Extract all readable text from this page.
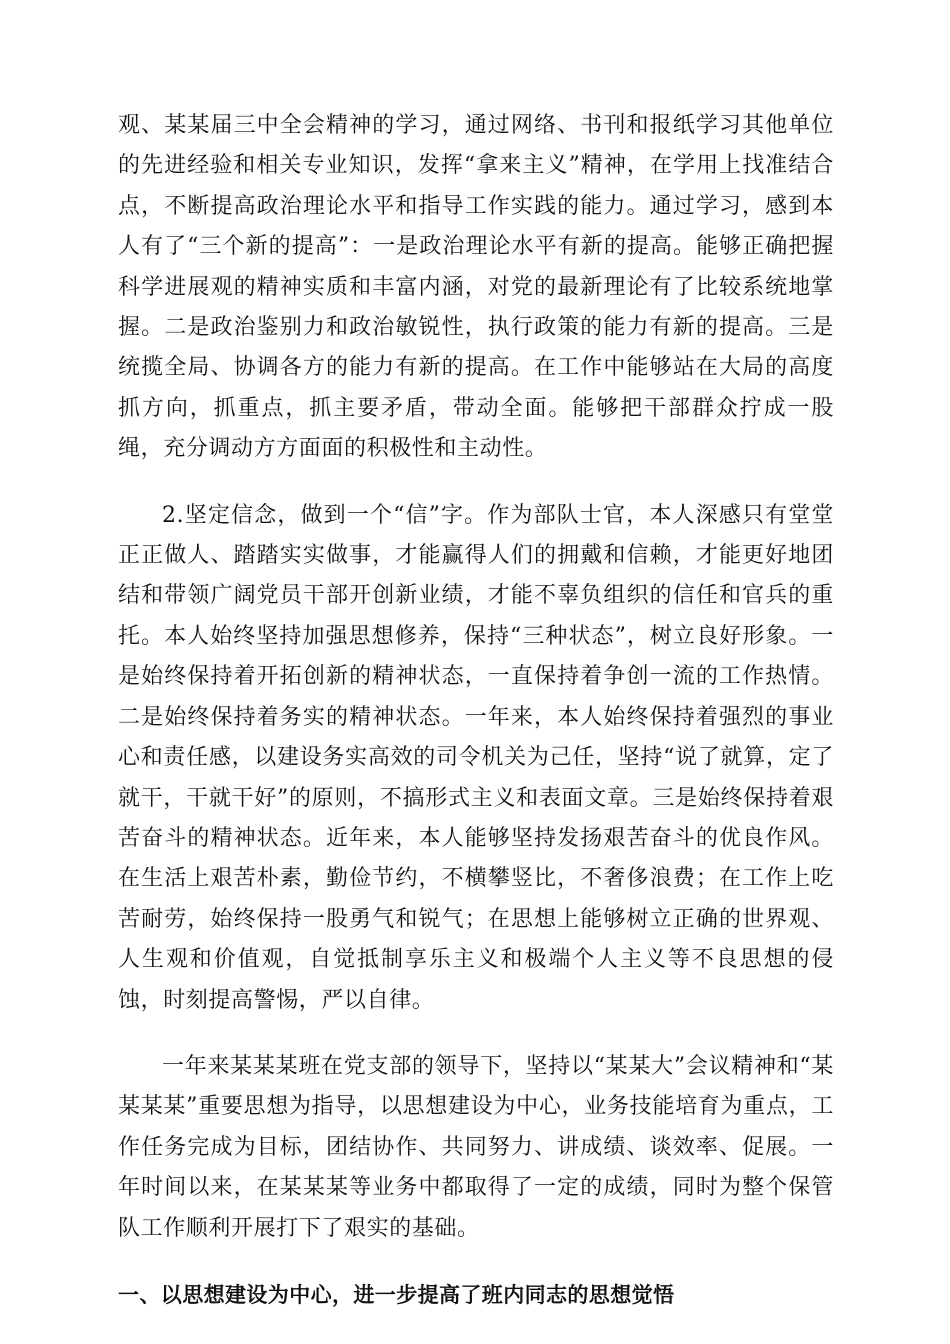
观、某某届三中全会精神的学习，通过网络、书刊和报纸学习其他单位的先进经验和相关专业知识，发挥“拿来主义”精神，在学用上找准结合点，不断提高政治理论水平和指导工作实践的能力。通过学习，感到本人有了“三个新的提高”：一是政治理论水平有新的提高。能够正确把握科学进展观的精神实质和丰富内涵，对党的最新理论有了比较系统地掌握。二是政治鉴别力和政治敏锐性，执行政策的能力有新的提高。三是统揽全局、协调各方的能力有新的提高。在工作中能够站在大局的高度抓方向，抓重点，抓主要矛盾，带动全面。能够把干部群众拧成一股绳，充分调动方方面面的积极性和主动性。

2.坚定信念，做到一个“信”字。作为部队士官，本人深感只有堂堂正正做人、踏踏实实做事，才能赢得人们的拥戴和信赖，才能更好地团结和带领广阔党员干部开创新业绩，才能不辜负组织的信任和官兵的重托。本人始终坚持加强思想修养，保持“三种状态”，树立良好形象。一是始终保持着开拓创新的精神状态，一直保持着争创一流的工作热情。二是始终保持着务实的精神状态。一年来，本人始终保持着强烈的事业心和责任感，以建设务实高效的司令机关为己任，坚持“说了就算，定了就干，干就干好”的原则，不搞形式主义和表面文章。三是始终保持着艰苦奋斗的精神状态。近年来，本人能够坚持发扬艰苦奋斗的优良作风。在生活上艰苦朴素，勤俭节约，不横攀竖比，不奢侈浪费；在工作上吃苦耐劳，始终保持一股勇气和锐气；在思想上能够树立正确的世界观、人生观和价值观，自觉抵制享乐主义和极端个人主义等不良思想的侵蚀，时刻提高警惕，严以自律。

一年来某某某班在党支部的领导下，坚持以“某某大”会议精神和“某某某某”重要思想为指导，以思想建设为中心，业务技能培育为重点，工作任务完成为目标，团结协作、共同努力、讲成绩、谈效率、促展。一年时间以来，在某某某等业务中都取得了一定的成绩，同时为整个保管队工作顺利开展打下了艰实的基础。

一、以思想建设为中心，进一步提高了班内同志的思想觉悟
